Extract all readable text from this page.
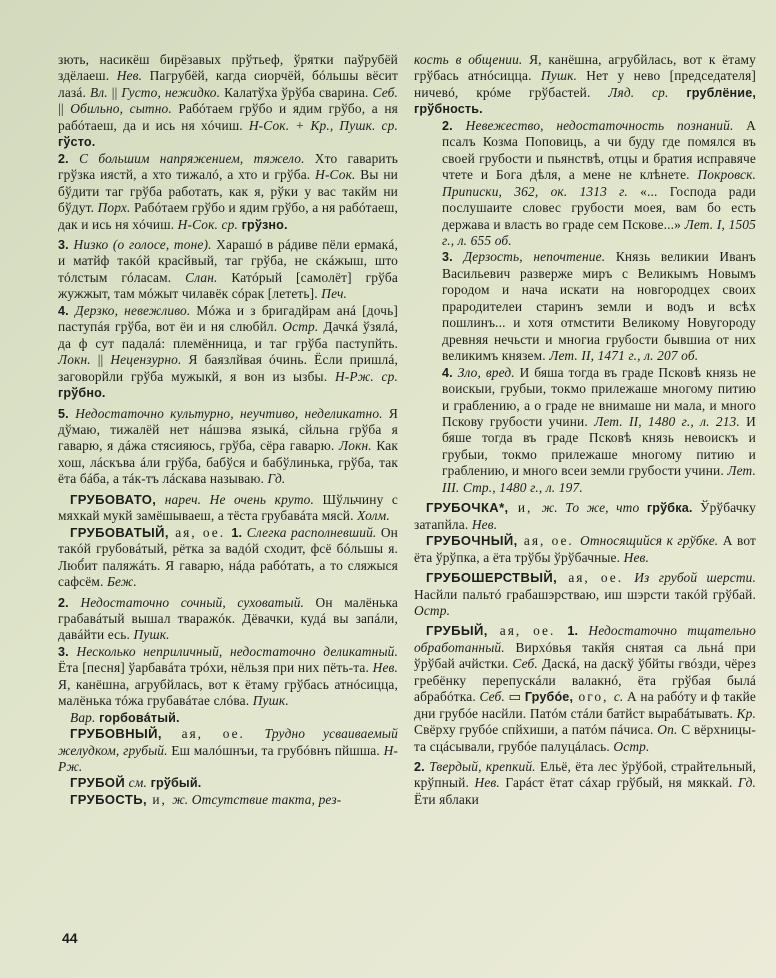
зють, насикёш бирёзавых прўтьеф, ўрятки паўрубёй здёлаеш. Нев. Пагрубёй, кагда сиорчёй, бóльшы вёсит лазá. Вл. || Густо, нежидко. Калатўха ўрўба сварина. Себ. || Обильно, сытно. Рабóтаем грўбо и ядим грўбо, а ня рабóтаеш, да и ись ня хóчиш. Н-Сок. + Кр., Пушк. ср. гўсто.

2. С большим напряжением, тяжело. Хто гаварить грўзка иястй, а хто тижалó, а хто и грўба. Н-Сок. Вы ни бўдити таг грўба работать, как я, рўки у вас такйм ни бўдут. Порх. Рабóтаем грўбо и ядим грўбо, а ня рабóтаеш, дак и ись ня хóчиш. Н-Сок. ср. грўзно.

3. Низко (о голосе, тоне). Харашó в рáдиве пёли ермакá, и матйф такóй красйвый, таг грўба, не скáжыш, што тóлстым гóласам. Слан. Катóрый [самолёт] грўба жужжыт, там мóжыт чилавёк сóрак [лететь]. Печ.

4. Дерзко, невежливо. Мóжа и з бригадйрам анá [дочь] паступáя грўба, вот ёи и ня слюбйл. Остр. Дачкá ўзялá, да ф сут падалá: плeмённица, и таг грўба паступйть. Локн. || Нецензурно. Я баязлйвая óчинь. Ёсли пришлá, заговорйли грўба мужыкй, я вон из ызбы. Н-Рж. ср. грўбно.

5. Недостаточно культурно, неучтиво, неделикатно. Я дўмаю, тижалёй нет нáшэва языкá, сйльна грўба я гаварю, я дáжа стясияюсь, грўба, сёра гаварю. Локн. Как хош, лáскъва áли грўба, бабўся и бабўлинька, грўба, так ёта бáба, а тáк-тъ лáскава называю. Гд.

ГРУБОВАТО, нареч. Не очень круто. Шўльчину с мяхкай мукй замёшываеш, а тёста грубавáта мясй. Холм.

ГРУБОВАТЫЙ, ая, ое. 1. Слегка располневший. Он такóй грубовáтый, рётка за вадóй сходит, фсё бóльшы я. Люб́ит паляжáть. Я гаварю, нáда рабóтать, а то сляжыся сафсём. Беж.

2. Недостаточно сочный, суховатый. Он малёнька грабавáтый вышал тваражóк. Дёвачки, кудá вы запáли, давáйти есь. Пушк.

3. Несколько неприличный, недостаточно деликатный. Ёта [песня] ўарбавáта трóхи, нёльзя при них пёть-та. Нев. Я, канёшна, агрубйлась, вот к ётаму грўбась атнóсицца, малёнька тóжа грубавáтае слóва. Пушк.

Вар. горбовáтый.

ГРУБОВНЫЙ, ая, ое. Трудно усваиваемый желудком, грубый. Еш малóшнъи, та грубóвнъ пйшша. Н-Рж.

ГРУБОЙ см. грўбый.

ГРУБОСТЬ, и, ж. Отсутствие такта, рез-

кость в общении. Я, канёшна, агрубйлась, вот к ётаму грўбась атнóсицца. Пушк. Нет у нево [председателя] ничевó, крóме грўбастей. Ляд. ср. грублёние, грўбность.

2. Невежество, недостаточность познаний. А псалъ Козма Поповиць, а чи буду где помялся въ своей грубости и пьянствѣ, отцы и братия исправяче чтете и Бога дѣля, а мене не клѣнете. Покровск. Приписки, 362, ок. 1313 г. «... Господа ради послушаите словес грубости моея, вам бо есть держава и власть во граде сем Пскове...» Лет. I, 1505 г., л. 655 об.

3. Дерзость, непочтение. Князь великии Иванъ Васильевич разверже миръ с Великымъ Новымъ городом и нача искати на новгородцех своих прародителеи старинъ земли и водъ и всѣх пошлинъ... и хотя отмстити Великому Новугороду древняя нечьсти и многиа грубости бывшиа от них великимъ князем. Лет. II, 1471 г., л. 207 об.

4. Зло, вред. И бяша тогда въ граде Псковѣ князь не воискыи, грубыи, токмо прилежаше многому питию и граблению, а о граде не внимаше ни мала, и много Пскову грубости учини. Лет. II, 1480 г., л. 213. И бяше тогда въ граде Псковѣ князь невоискъ и грубыи, токмо прилежаше многому питию и граблению, и много всеи земли грубости учини. Лет. III. Стр., 1480 г., л. 197.

ГРУБОЧКА*, и, ж. То же, что грўбка. Ўрўбачку затапйла. Нев.

ГРУБОЧНЫЙ, ая, ое. Относящийся к грўбке. А вот ёта ўрўпка, а ёта трўбы ўрўбачные. Нев.

ГРУБОШЕРСТВЫЙ, ая, ое. Из грубой шерсти. Насйли пальтó грабашэрстваю, иш шэрсти такóй грўбай. Остр.

ГРУБЫЙ, ая, ое. 1. Недостаточно тщательно обработанный. Вирхóвья такйя снятая са льнá при ўрўбай ачйстки. Себ. Даскá, на даскў ўбйты гвóзди, чёрез гребёнку перепускáли валакнó, ёта грўбая былá абрабóтка. Себ. ▭ Грубóе, ого, с. А на рабóту и ф такйе дни грубóе насйли. Патóм стáли батйст вырабáтывать. Кр. Свёрху грубóе спйхиши, а патóм пáчиса. Оп. С вёрхницы-та сцáсывали, грубóе палуцáлась. Остр.

2. Твердый, крепкий. Ельё, ёта лес ўрўбой, страйтельный, крўпный. Нев. Гарáст ётат сáхар грўбый, ня мяккай. Гд. Ёти яблаки

44
